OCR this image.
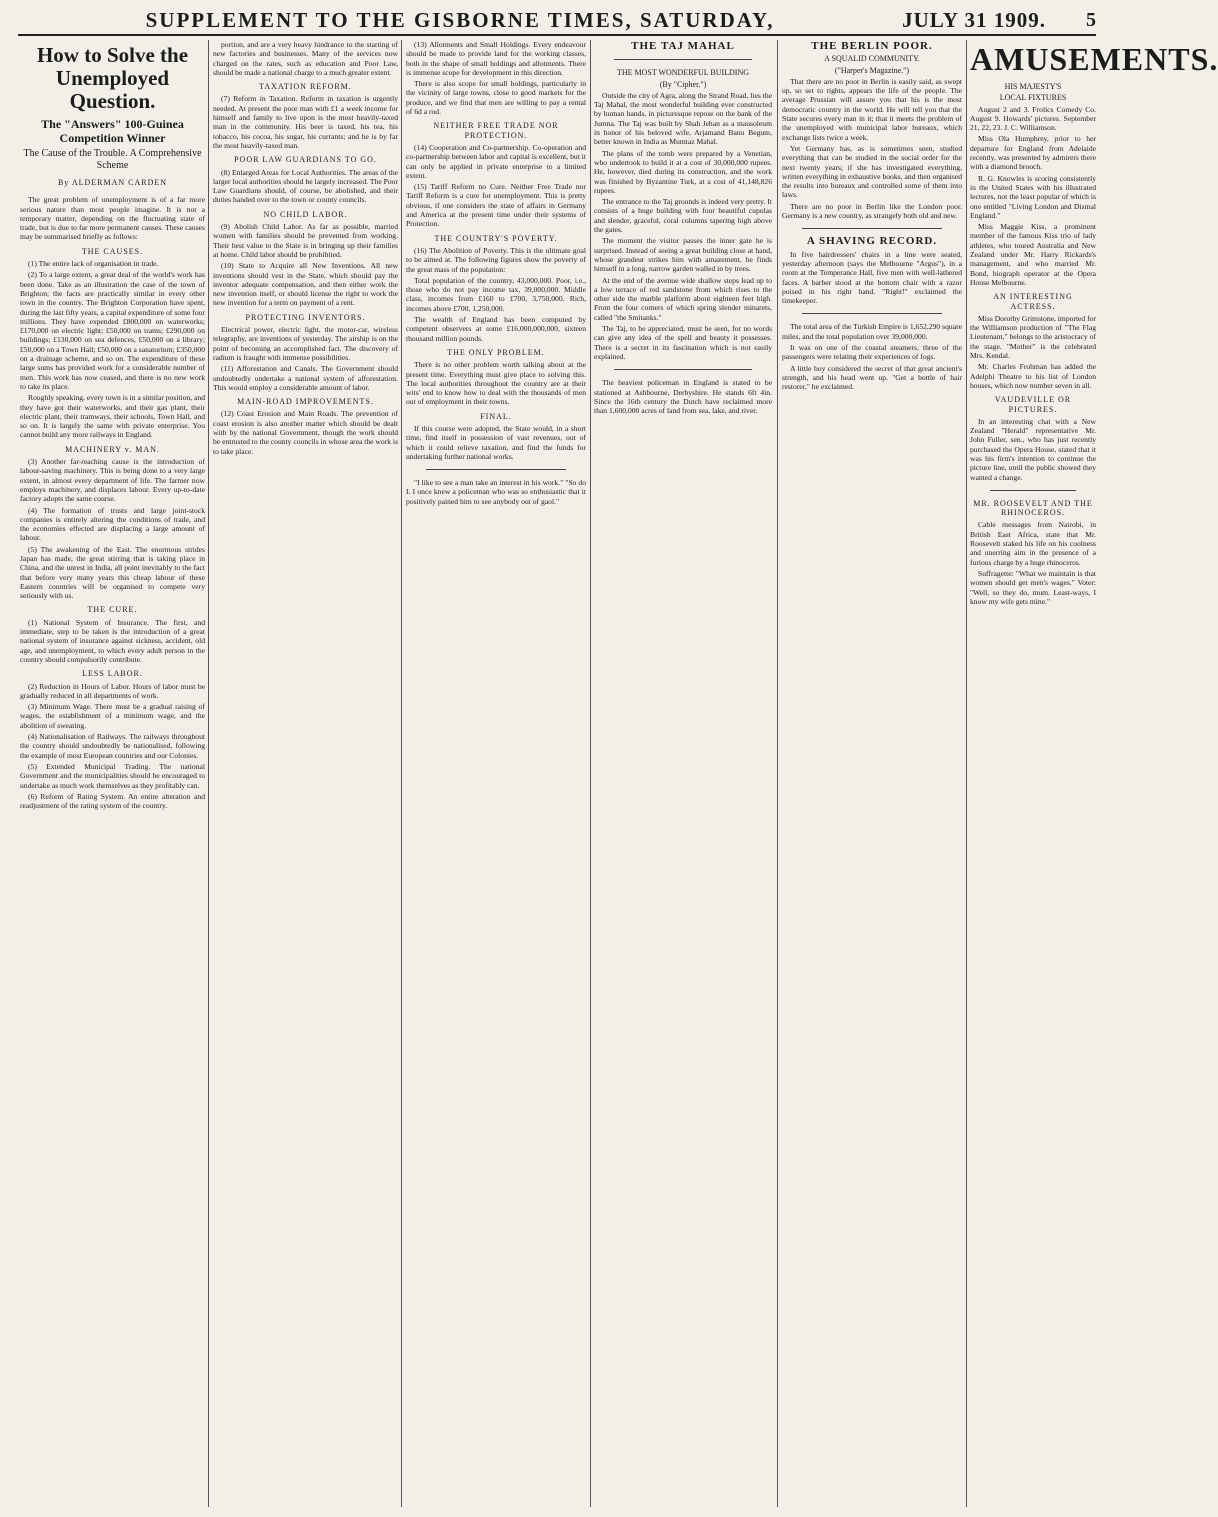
SUPPLEMENT TO THE GISBORNE TIMES, SATURDAY,	JULY 31 1909.	5
How to Solve the Unemployed Question.
The "Answers" 100-Guinea Competition Winner
The Cause of the Trouble. A Comprehensive Scheme
By ALDERMAN CARDEN

The great problem of unemployment is of a far more serious nature than most people imagine. It is not a temporary matter, depending on the fluctuating state of trade, but is due to far more permanent causes. These causes may be summarised briefly as follows:

THE CAUSES.

(1) The entire lack of organisation in trade.

(2) To a large extent, a great deal of the world's work has been done. Take as an illustration the case of the town of Brighton; the facts are practically similar in every other town in the country. The Brighton Corporation have spent, during the last fifty years, a capital expenditure of some four millions. They have expended £800,000 on waterworks; £170,000 on electric light; £50,000 on trams; £290,000 on buildings; £130,000 on sea defences, £50,000 on a library; £50,000 on a Town Hall; £50,000 on a sanatorium; £350,000 on a drainage scheme, and so on. The expenditure of these large sums has provided work for a considerable number of men. This work has now ceased, and there is no new work to take its place.

Roughly speaking, every town is in a similar position, and they have got their waterworks, and their gas plant, their electric plant, their tramways, their schools, Town Hall, and so on. It is largely the same with private enterprise. You cannot build any more railways in England.

MACHINERY v. MAN.

(3) Another far-reaching cause is the introduction of labour-saving machinery. This is being done to a very large extent, in almost every department of life. The farmer now employs machinery, and displaces labour. Every up-to-date factory adopts the same course.

(4) The formation of trusts and large joint-stock companies is entirely altering the conditions of trade, and the economies effected are displacing a large amount of labour.

(5) The awakening of the East. The enormous strides Japan has made, the great stirring that is taking place in China, and the unrest in India, all point inevitably to the fact that before very many years this cheap labour of these Eastern countries will be organised to compete very seriously with us.

THE CURE.

(1) National System of Insurance. The first, and immediate, step to be taken is the introduction of a great national system of insurance against sickness, accident, old age, and unemployment, to which every adult person in the country should compulsorily contribute.

LESS LABOR.

(2) Reduction in Hours of Labor. Hours of labor must be gradually reduced in all departments of work.

(3) Minimum Wage. There must be a gradual raising of wages, the establishment of a minimum wage, and the abolition of sweating.

(4) Nationalisation of Railways. The railways throughout the country should undoubtedly be nationalised, following the example of most European countries and our Colonies.

(5) Extended Municipal Trading. The national Government and the municipalities should be encouraged to undertake as much work themselves as they profitably can.

(6) Reform of Rating System. An entire alteration and readjustment of the rating system of the country.

portion, and are a very heavy hindrance to the starting of new factories and businesses. Many of the services now charged on the rates, such as education and Poor Law, should be made a national charge to a much greater extent.

TAXATION REFORM.

(7) Reform in Taxation. Reform in taxation is urgently needed. At present the poor man with £1 a week income for himself and family to live upon is the most heavily-taxed man in the community. His beer is taxed, his tea, his tobacco, his cocoa, his sugar, his currants; and he is by far the most heavily-taxed man.

POOR LAW GUARDIANS TO GO.

(8) Enlarged Areas for Local Authorities. The areas of the larger local authorities should be largely increased. The Poor Law Guardians should, of course, be abolished, and their duties handed over to the town or county councils.

NO CHILD LABOR.

(9) Abolish Child Labor. As far as possible, married women with families should be prevented from working. Their best value to the State is in bringing up their families at home. Child labor should be prohibited.

(10) State to Acquire all New Inventions. All new inventions should vest in the State, which should pay the inventor adequate compensation, and then either work the new invention itself, or should license the right to work the new invention for a term on payment of a rent.

PROTECTING INVENTORS.

Electrical power, electric light, the motor-car, wireless telegraphy, are inventions of yesterday. The airship is on the point of becoming an accomplished fact. The discovery of radium is fraught with immense possibilities.

(11) Afforestation and Canals. The Government should undoubtedly undertake a national system of afforestation. This would employ a considerable amount of labor.

MAIN-ROAD IMPROVEMENTS.

(12) Coast Erosion and Main Roads. The prevention of coast erosion is also another matter which should be dealt with by the national Government, though the work should be entrusted to the county councils in whose area the work is to take place.

(13) Allotments and Small Holdings. Every endeavour should be made to provide land for the working classes, both in the shape of small holdings and allotments. There is immense scope for development in this direction.

There is also scope for small holdings, particularly in the vicinity of large towns, close to good markets for the produce, and we find that men are willing to pay a rental of 6d a rod.

NEITHER FREE TRADE NOR PROTECTION.

(14) Cooperation and Co-partnership. Co-operation and co-partnership between labor and capital is excellent, but it can only be applied in private enterprise to a limited extent.

(15) Tariff Reform no Cure. Neither Free Trade nor Tariff Reform is a cure for unemployment. This is pretty obvious, if one considers the state of affairs in Germany and America at the present time under their systems of Protection.

THE COUNTRY'S POVERTY.

(16) The Abolition of Poverty. This is the ultimate goal to be aimed at. The following figures show the poverty of the great mass of the population:

Total population of the country, 43,000,000. Poor, i.e., those who do not pay income tax, 39,000,000. Middle class, incomes from £160 to £700, 3,750,000. Rich, incomes above £700, 1,250,000.

The wealth of England has been computed by competent observers at some £16,000,000,000, sixteen thousand million pounds.

THE ONLY PROBLEM.

There is no other problem worth talking about at the present time. Everything must give place to solving this. The local authorities throughout the country are at their wits' end to know how to deal with the thousands of men out of employment in their towns.

FINAL.

If this course were adopted, the State would, in a short time, find itself in possession of vast revenues, out of which it could relieve taxation, and find the funds for undertaking further national works.

"I like to see a man take an interest in his work." "So do I. I once knew a policeman who was so enthusiastic that it positively pained him to see anybody out of gaol."

THE TAJ MAHAL
THE MOST WONDERFUL BUILDING
(By "Cipher.")

Outside the city of Agra, along the Strand Road, lies the Taj Mahal, the most wonderful building ever constructed by human hands, in picturesque repose on the bank of the Jumna. The Taj was built by Shah Jehan as a mausoleum in honor of his beloved wife, Arjamand Banu Begum, better known in India as Mumtaz Mahal.

The plans of the tomb were prepared by a Venetian, who undertook to build it at a cost of 30,000,000 rupees. He, however, died during its construction, and the work was finished by Byzantine Turk, at a cost of 41,148,826 rupees.

The entrance to the Taj grounds is indeed very pretty. It consists of a huge building with four beautiful cupolas and slender, graceful, coral columns tapering high above the gates.

The moment the visitor passes the inner gate he is surprised. Instead of seeing a great building close at hand, whose grandeur strikes him with amazement, he finds himself in a long, narrow garden walled in by trees.

At the end of the avenue wide shallow steps lead up to a low terrace of red sandstone from which rises to the other side the marble platform about eighteen feet high. From the four corners of which spring slender minarets, called "the Smitanks."

The Taj, to be appreciated, must be seen, for no words can give any idea of the spell and beauty it possesses. There is a secret in its fascination which is not easily explained.

The heaviest policeman in England is stated to be stationed at Ashbourne, Derbyshire. He stands 6ft 4in. Since the 16th century the Dutch have reclaimed more than 1,600,000 acres of land from sea, lake, and river.

THE BERLIN POOR.
A SQUALID COMMUNITY.
("Harper's Magazine.")

That there are no poor in Berlin is easily said, as swept up, so set to rights, appears the life of the people. The average Prussian will assure you that his is the most democratic country in the world. He will tell you that the State secures every man in it; that it meets the problem of the unemployed with municipal labor bureaux, which exchange lists twice a week.

Yet Germany has, as is sometimes seen, studied everything that can be studied in the social order for the next twenty years; if she has investigated everything, written everything in exhaustive books, and then organised the results into bureaux and controlled some of them into laws.

There are no poor in Berlin like the London poor. Germany is a new country, as strangely both old and new.

A SHAVING RECORD.

In five hairdressers' chairs in a line were seated, yesterday afternoon (says the Melbourne "Argus"), in a room at the Temperance Hall, five men with well-lathered faces. A barber stood at the bottom chair with a razor poised in his right hand. "Right!" exclaimed the timekeeper.

The total area of the Turkish Empire is 1,652,290 square miles, and the total population over 39,000,000.

It was on one of the coastal steamers, three of the passengers were relating their experiences of fogs.

A little boy considered the secret of that great ancient's strength, and his head went up. "Get a bottle of hair restorer," he exclaimed.

AMUSEMENTS.
HIS MAJESTY'S
LOCAL FIXTURES

August 2 and 3. Frolics Comedy Co. August 9. Howards' pictures. September 21, 22, 23. J. C. Williamson.

Miss Ola Humphrey, prior to her departure for England from Adelaide recently, was presented by admirers there with a diamond brooch.

R. G. Knowles is scoring consistently in the United States with his illustrated lectures, not the least popular of which is one entitled "Living London and Dismal England."

Miss Maggie Kiss, a prominent member of the famous Kiss trio of lady athletes, who toured Australia and New Zealand under Mr. Harry Rickards's management, and who married Mr. Bond, biograph operator at the Opera House Melbourne.

AN INTERESTING ACTRESS.

Miss Dorothy Grimstone, imported for the Williamson production of "The Flag Lieutenant," belongs to the aristocracy of the stage. "Mother" is the celebrated Mrs. Kendal.

Mr. Charles Frohman has added the Adelphi Theatre to his list of London houses, which now number seven in all.

VAUDEVILLE OR PICTURES.

In an interesting chat with a New Zealand "Herald" representative Mr. John Fuller, sen., who has just recently purchased the Opera House, stated that it was his firm's intention to continue the picture line, until the public showed they wanted a change.

MR. ROOSEVELT AND THE RHINOCEROS.

Cable messages from Nairobi, in British East Africa, state that Mr. Roosevelt staked his life on his coolness and unerring aim in the presence of a furious charge by a huge rhinoceros.

Suffragette: "What we maintain is that women should get men's wages." Voter: "Well, so they do, mum. Least-ways, I know my wife gets mine."
